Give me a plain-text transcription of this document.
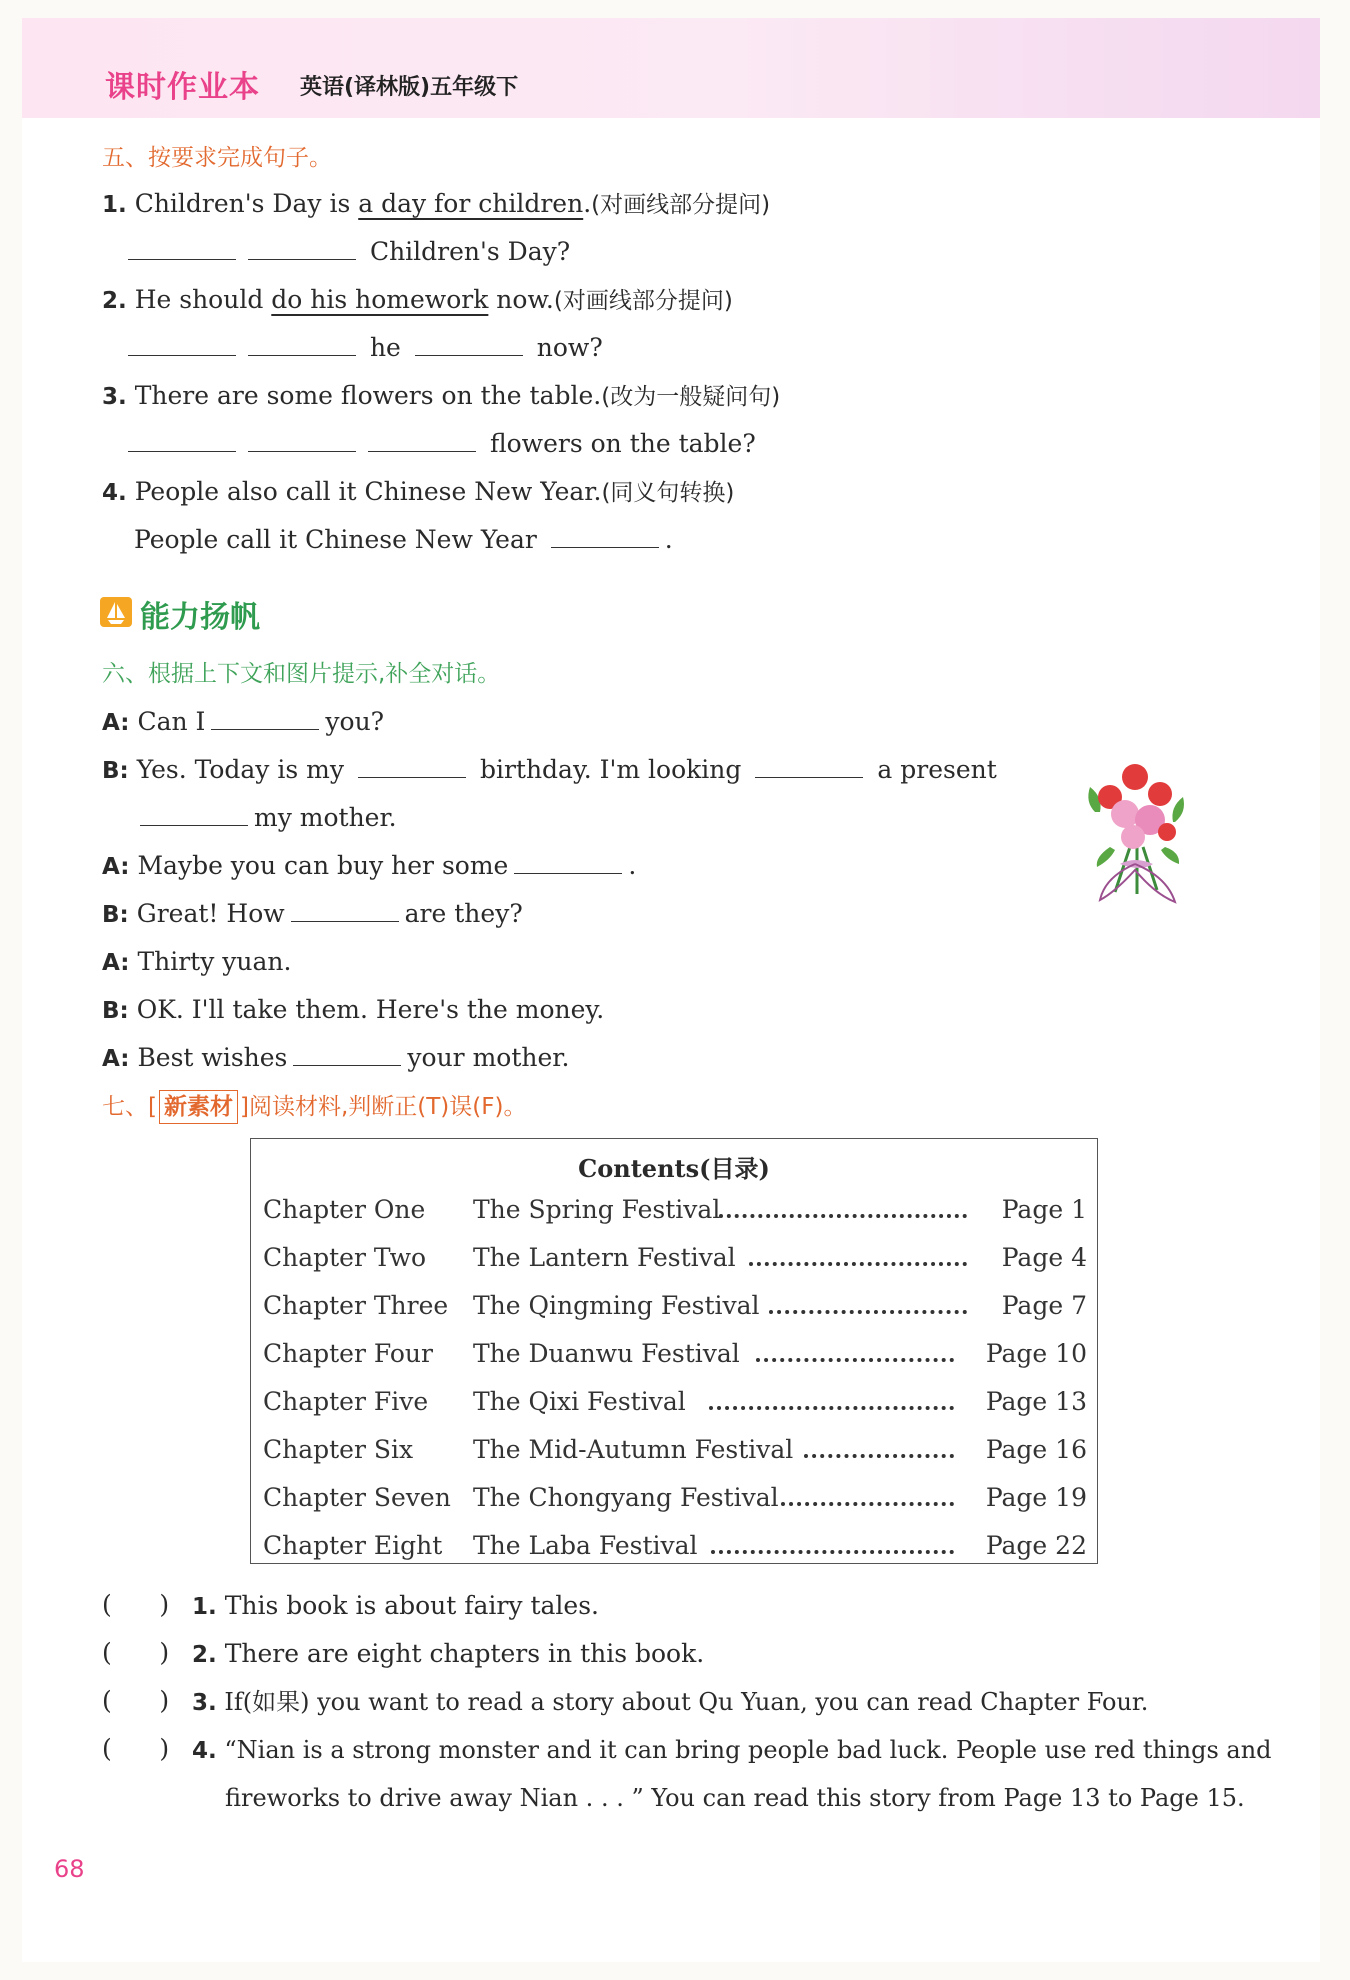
课时作业本 英语(译林版)五年级下
五、按要求完成句子。
1. Children's Day is a day for children.(对画线部分提问)
Children's Day?
2. He should do his homework now.(对画线部分提问)
he	now?
3. There are some flowers on the table.(改为一般疑问句)
flowers on the table?
4. People also call it Chinese New Year.(同义句转换)
People call it Chinese New Year	.
能力扬帆
六、根据上下文和图片提示,补全对话。
A: Can I	you?
B: Yes. Today is my	birthday. I'm looking	a present
my mother.
A: Maybe you can buy her some	.
B: Great! How	are they?
A: Thirty yuan.
B: OK. I'll take them. Here's the money.
A: Best wishes	your mother.
七、[ 新素材 ]阅读材料,判断正(T)误(F)。
Contents(目录)
Chapter One The Spring Festival	Page 1
Chapter Two The Lantern Festival	Page 4
Chapter Three The Qingming Festival	Page 7
Chapter Four The Duanwu Festival	Page 10
Chapter Five The Qixi Festival	Page 13
Chapter Six The Mid-Autumn Festival	Page 16
Chapter Seven The Chongyang Festival	Page 19
Chapter Eight The Laba Festival	Page 22
(      ) 1. This book is about fairy tales.
(      ) 2. There are eight chapters in this book.
(      ) 3. If(如果) you want to read a story about Qu Yuan, you can read Chapter Four.
(      ) 4. “Nian is a strong monster and it can bring people bad luck. People use red things and
fireworks to drive away Nian . . . ” You can read this story from Page 13 to Page 15.
68
